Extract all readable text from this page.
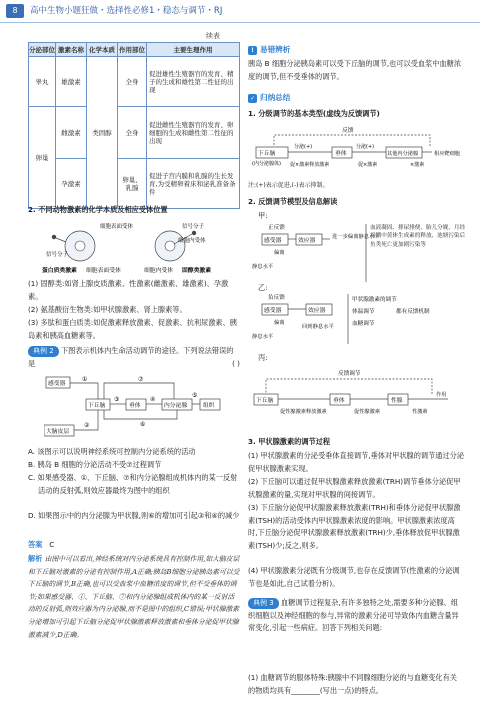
8	高中生物小题狂做・选择性必修1・稳态与调节・RJ
续表
分泌部位	激素名称	化学本质	作用部位	主要生理作用
睾丸	雄激素	类固醇	全身	促进雄性生殖器官的发育、精子的生成和雄性第二性征的出现
卵巢	雌激素		全身	促进雌性生殖器官的发育、卵细胞的生成和雌性第二性征的出现
	孕激素		卵巢、乳腺	促进子宫内膜和乳腺的生长发育,为受精卵着床和泌乳准备条件
2. 不同动物激素的化学本质及相应受体位置
细胞表面受体
信号分子
信号分子
细胞内受体
蛋白质类激素 细胞表面受体	细胞内受体 固醇类激素
(1) 固醇类:如肾上腺皮质激素、性激素(雌激素、雄激素)、孕激素。
(2) 氨基酸衍生物类:如甲状腺激素、肾上腺素等。
(3) 多肽和蛋白质类:如促激素释放激素、促激素、抗利尿激素、胰岛素和胰高血糖素等。
典例 2 下图表示机体内生命活动调节的途径。下列说法错误的是	( )
感受器
下丘脑	垂体	内分泌腺	组织
大脑皮层
①
②
③	④
⑤
⑥
⑦
A. 该图示可以说明神经系统可控制内分泌系统的活动
B. 胰岛 B 细胞的分泌活动不受⑦过程调节
C. 如果感受器、①、下丘脑、⑦和内分泌腺组成机体内的某一反射活动的反射弧,则效应器最终为图中的组织
D. 如果图示中的内分泌腺为甲状腺,则⑥的增加可引起③和④的减少
答案 C
解析 由图中可以看出,神经系统对内分泌系统具有控制作用,如大脑皮层和下丘脑对激素的分泌有控制作用,A正确;胰岛B细胞分泌胰岛素可以受下丘脑的调节,B正确,也可以受血浆中血糖浓度的调节,但不受垂体的调节;如果感受器、①、下丘脑、⑦和内分泌腺组成机体内的某一反射活动的反射弧,则效应器为内分泌腺,而不是图中的组织,C错误;甲状腺激素分泌增加可引起下丘脑分泌促甲状腺激素释放激素和垂体分泌促甲状腺激素减少,D正确。
! 易错辨析
胰岛 B 细胞分泌胰岛素可以受下丘脑的调节,也可以受血浆中血糖浓度的调节,但不受垂体的调节。
✓ 归纳总结
1. 分级调节的基本类型(虚线为反馈调节)
反馈
下丘脑
(内分泌腺体)
垂体	其他内分泌腺	相应靶细胞
分泌(+)	分泌(+)
促×激素释放激素	促×激素	×激素
注:(+)表示促进,(-)表示抑制。
2. 反馈调节模型及信息解读
甲:
正反馈
感受器	效应器
进一步偏离静息水平
偏离
静息水平
血液凝固、排尿排便、胎儿分娩、月经周期中黄体生成素的释放、池塘污染后鱼类死亡更加剧污染等
乙:
负反馈
感受器	效应器
偏离
回到静息水平
静息水平
甲状腺激素的调节
体温调节
血糖调节
都有反馈机制
丙:
反馈调节
下丘脑	垂体	性腺
促性腺激素释放激素	促性腺激素	性激素
作用
3. 甲状腺激素的调节过程
(1) 甲状腺激素的分泌受垂体直接调节,垂体对甲状腺的调节通过分泌促甲状腺激素实现。
(2) 下丘脑可以通过促甲状腺激素释放激素(TRH)调节垂体分泌促甲状腺激素的量,实现对甲状腺的间接调节。
(3) 下丘脑分泌促甲状腺激素释放激素(TRH)和垂体分泌促甲状腺激素(TSH)的活动受体内甲状腺激素浓度的影响。甲状腺激素浓度高时,下丘脑分泌促甲状腺激素释放激素(TRH)少,垂体释放促甲状腺激素(TSH)少;反之,则多。
(4) 甲状腺激素分泌既有分级调节,也存在反馈调节(性激素的分泌调节也是如此,自己试着分析)。
典例 3 血糖调节过程复杂,有许多独特之处,需要多种分泌腺、组织细胞以及神经细胞的参与,异常的激素分泌可导致体内血糖含量异常变化,引起一些病症。回答下列相关问题:
(1) 血糖调节的服体特殊:胰腺中不同腺细胞分泌的与血糖变化有关的物质均具有________(写出一点)的特点。
